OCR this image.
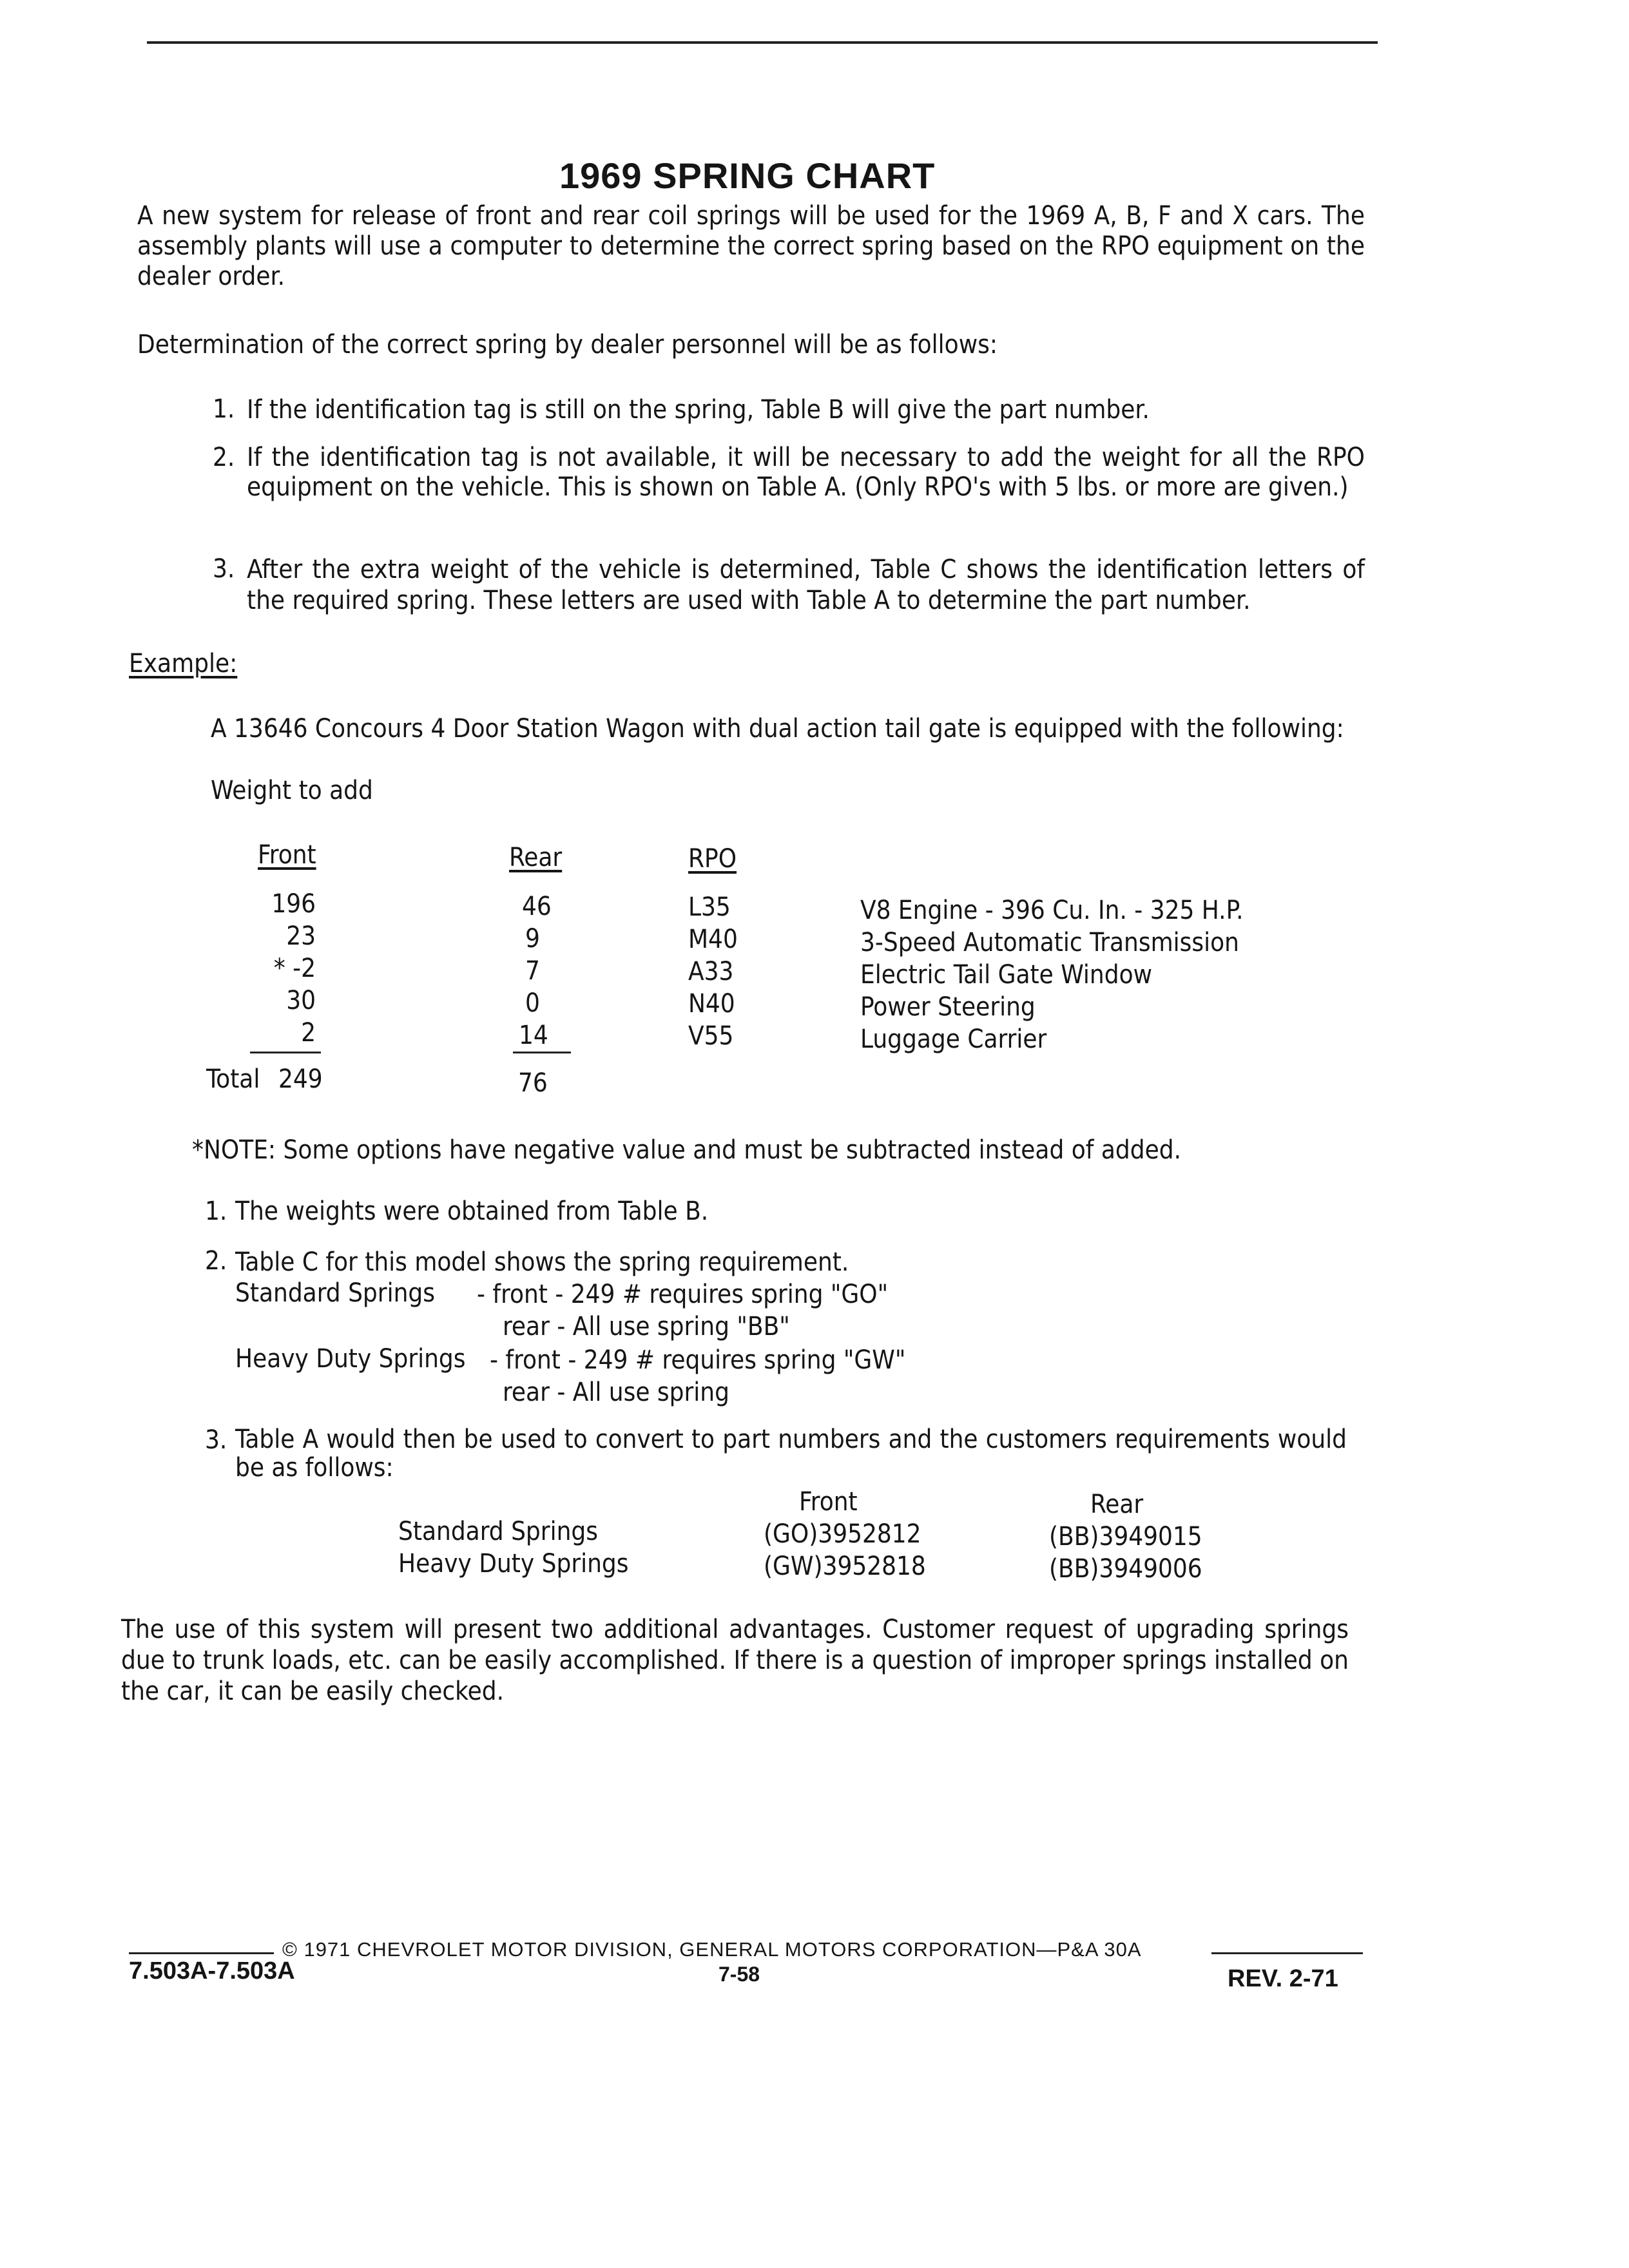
1969 SPRING CHART
A new system for release of front and rear coil springs will be used for the 1969 A, B, F and X cars. The assembly plants will use a computer to determine the correct spring based on the RPO equipment on the dealer order.
Determination of the correct spring by dealer personnel will be as follows:
1. If the identification tag is still on the spring, Table B will give the part number.
2. If the identification tag is not available, it will be necessary to add the weight for all the RPO equipment on the vehicle. This is shown on Table A. (Only RPO's with 5 lbs. or more are given.)
3. After the extra weight of the vehicle is determined, Table C shows the identification letters of the required spring. These letters are used with Table A to determine the part number.
Example:
A 13646 Concours 4 Door Station Wagon with dual action tail gate is equipped with the following:
Weight to add
Front	Rear	RPO
196	46	L35	V8 Engine - 396 Cu. In. - 325 H.P.
23	9	M40	3-Speed Automatic Transmission
* -2	7	A33	Electric Tail Gate Window
30	0	N40	Power Steering
2	14	V55	Luggage Carrier
Total 249	76
*NOTE: Some options have negative value and must be subtracted instead of added.
1. The weights were obtained from Table B.
2. Table C for this model shows the spring requirement.
Standard Springs - front - 249 # requires spring "GO"
rear - All use spring "BB"
Heavy Duty Springs - front - 249 # requires spring "GW"
rear - All use spring
3. Table A would then be used to convert to part numbers and the customers requirements would be as follows:
Front	Rear
Standard Springs	(GO)3952812	(BB)3949015
Heavy Duty Springs	(GW)3952818	(BB)3949006
The use of this system will present two additional advantages. Customer request of upgrading springs due to trunk loads, etc. can be easily accomplished. If there is a question of improper springs installed on the car, it can be easily checked.
© 1971 CHEVROLET MOTOR DIVISION, GENERAL MOTORS CORPORATION—P&A 30A
7.503A-7.503A	7-58	REV. 2-71
